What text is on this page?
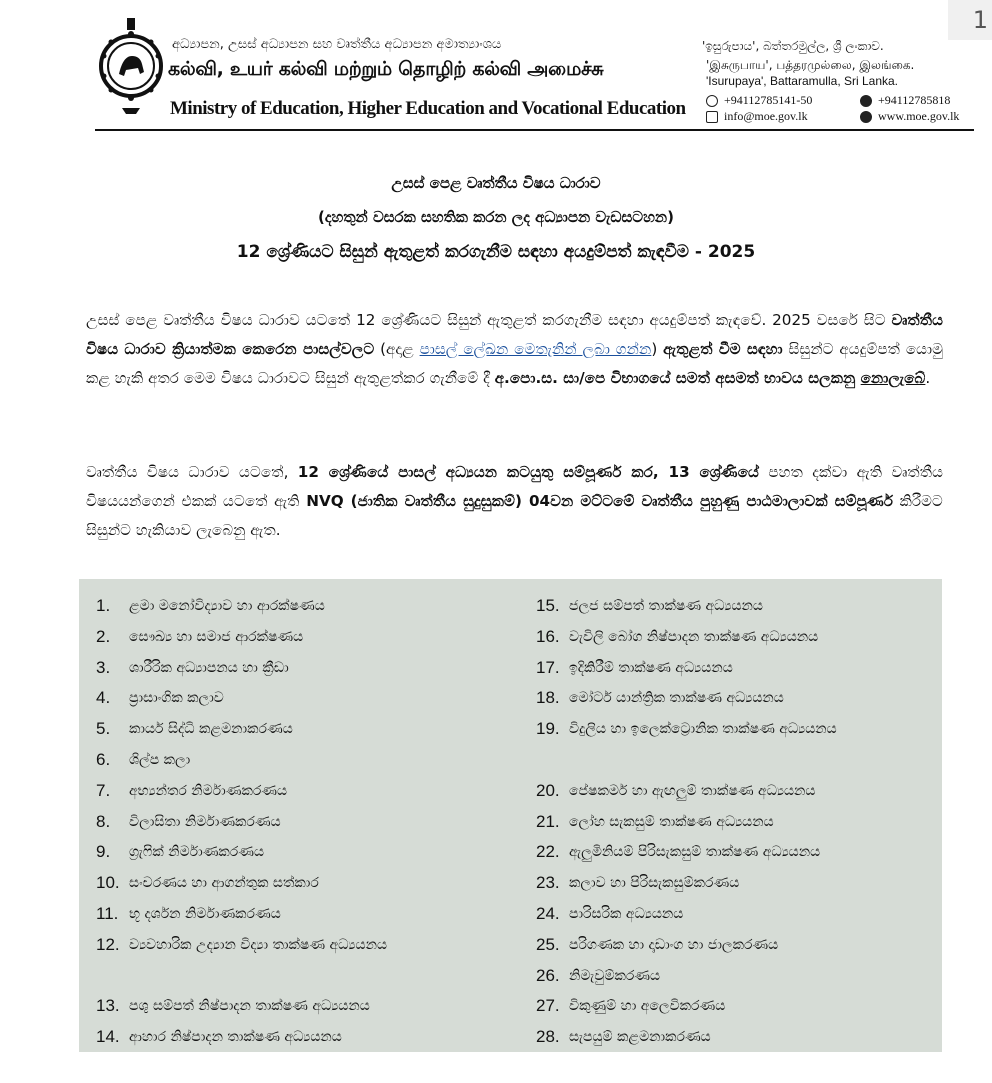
1
අධ්‍යාපන, උසස් අධ්‍යාපන සහ වෘත්තීය අධ්‍යාපන අමාත්‍යාංශය
கல்வி, உயர் கல்வி மற்றும் தொழிற் கல்வி அமைச்சு
Ministry of Education, Higher Education and Vocational Education
'ඉසුරුපාය', බත්තරමුල්ල, ශ්‍රී ලංකාව.
'இசுருபாய', பத்தரமுல்லை, இலங்கை.
'Isurupaya', Battaramulla, Sri Lanka.
+94112785141-50	+94112785818
info@moe.gov.lk	www.moe.gov.lk
උසස් පෙළ වෘත්තීය විෂය ධාරාව
(දහතුන් වසරක සහතික කරන ලද අධ්‍යාපන වැඩසටහන)
12 ශ්‍රේණියට සිසුන් ඇතුළත් කරගැනීම සඳහා අයදුම්පත් කැඳවීම - 2025
උසස් පෙළ වෘත්තීය විෂය ධාරාව යටතේ 12 ශ්‍රේණියට සිසුන් ඇතුළත් කරගැනීම සඳහා අයදුම්පත් කැඳවේ. 2025 වසරේ සිට වෘත්තීය විෂය ධාරාව ක්‍රියාත්මක කෙරෙන පාසල්වලට (අදාළ පාසල් ලේඛන මෙතැනින් ලබා ගන්න) ඇතුළත් වීම සඳහා සිසුන්ට අයදුම්පත් යොමු කළ හැකි අතර මෙම විෂය ධාරාවට සිසුන් ඇතුළත්කර ගැනීමේ දී අ.පො.ස. සා/පෙ විභාගයේ සමත් අසමත් භාවය සලකනු නොලැබේ.
වෘත්තීය විෂය ධාරාව යටතේ, 12 ශ්‍රේණියේ පාසල් අධ්‍යයන කටයුතු සම්පූර්ණ කර, 13 ශ්‍රේණියේ පහත දක්වා ඇති වෘත්තීය විෂයයන්ගෙන් එකක් යටතේ ඇති NVQ (ජාතික වෘත්තීය සුදුසුකම්) 04වන මට්ටමේ වෘත්තීය පුහුණු පාඨමාලාවක් සම්පූර්ණ කිරීමට සිසුන්ට හැකියාව ලැබෙනු ඇත.
1.	ළමා මනෝවිද්‍යාව හා ආරක්ෂණය
2.	සෞඛ්‍ය හා සමාජ ආරක්ෂණය
3.	ශාරීරික අධ්‍යාපනය හා ක්‍රීඩා
4.	ප්‍රාසාංගික කලාව
5.	කාර්ය සිද්ධි කළමනාකරණය
6.	ශිල්ප කලා
7.	අභ්‍යන්තර නිර්මාණකරණය
8.	විලාසිතා නිර්මාණකරණය
9.	ග්‍රැෆික් නිර්මාණකරණය
10. සංචරණය හා ආගන්තුක සත්කාර
11. භූ දර්ශන නිර්මාණකරණය
12. ව්‍යවහාරික උද්‍යාන විද්‍යා තාක්ෂණ අධ්‍යයනය
13. පශු සම්පත් නිෂ්පාදන තාක්ෂණ අධ්‍යයනය
14. ආහාර නිෂ්පාදන තාක්ෂණ අධ්‍යයනය
15. ජලජ සම්පත් තාක්ෂණ අධ්‍යයනය
16. වැවිලි බෝග නිෂ්පාදන තාක්ෂණ අධ්‍යයනය
17. ඉදිකිරීම් තාක්ෂණ අධ්‍යයනය
18. මෝටර් යාන්ත්‍රික තාක්ෂණ අධ්‍යයනය
19. විදුලිය හා ඉලෙක්ට්‍රොනික තාක්ෂණ අධ්‍යයනය
20. පේෂකර්ම හා ඇඟලුම් තාක්ෂණ අධ්‍යයනය
21. ලෝහ සැකසුම් තාක්ෂණ අධ්‍යයනය
22. ඇලුමිනියම් පිරිසැකසුම් තාක්ෂණ අධ්‍යයනය
23. කලාව හා පිරිසැකසුම්කරණය
24. පාරිසරික අධ්‍යයනය
25. පරිගණක හා දෘඩාංග හා ජාලකරණය
26. නිමැවුම්කරණය
27. විකුණුම් හා අලෙවිකරණය
28. සැපයුම් කළමනාකරණය
